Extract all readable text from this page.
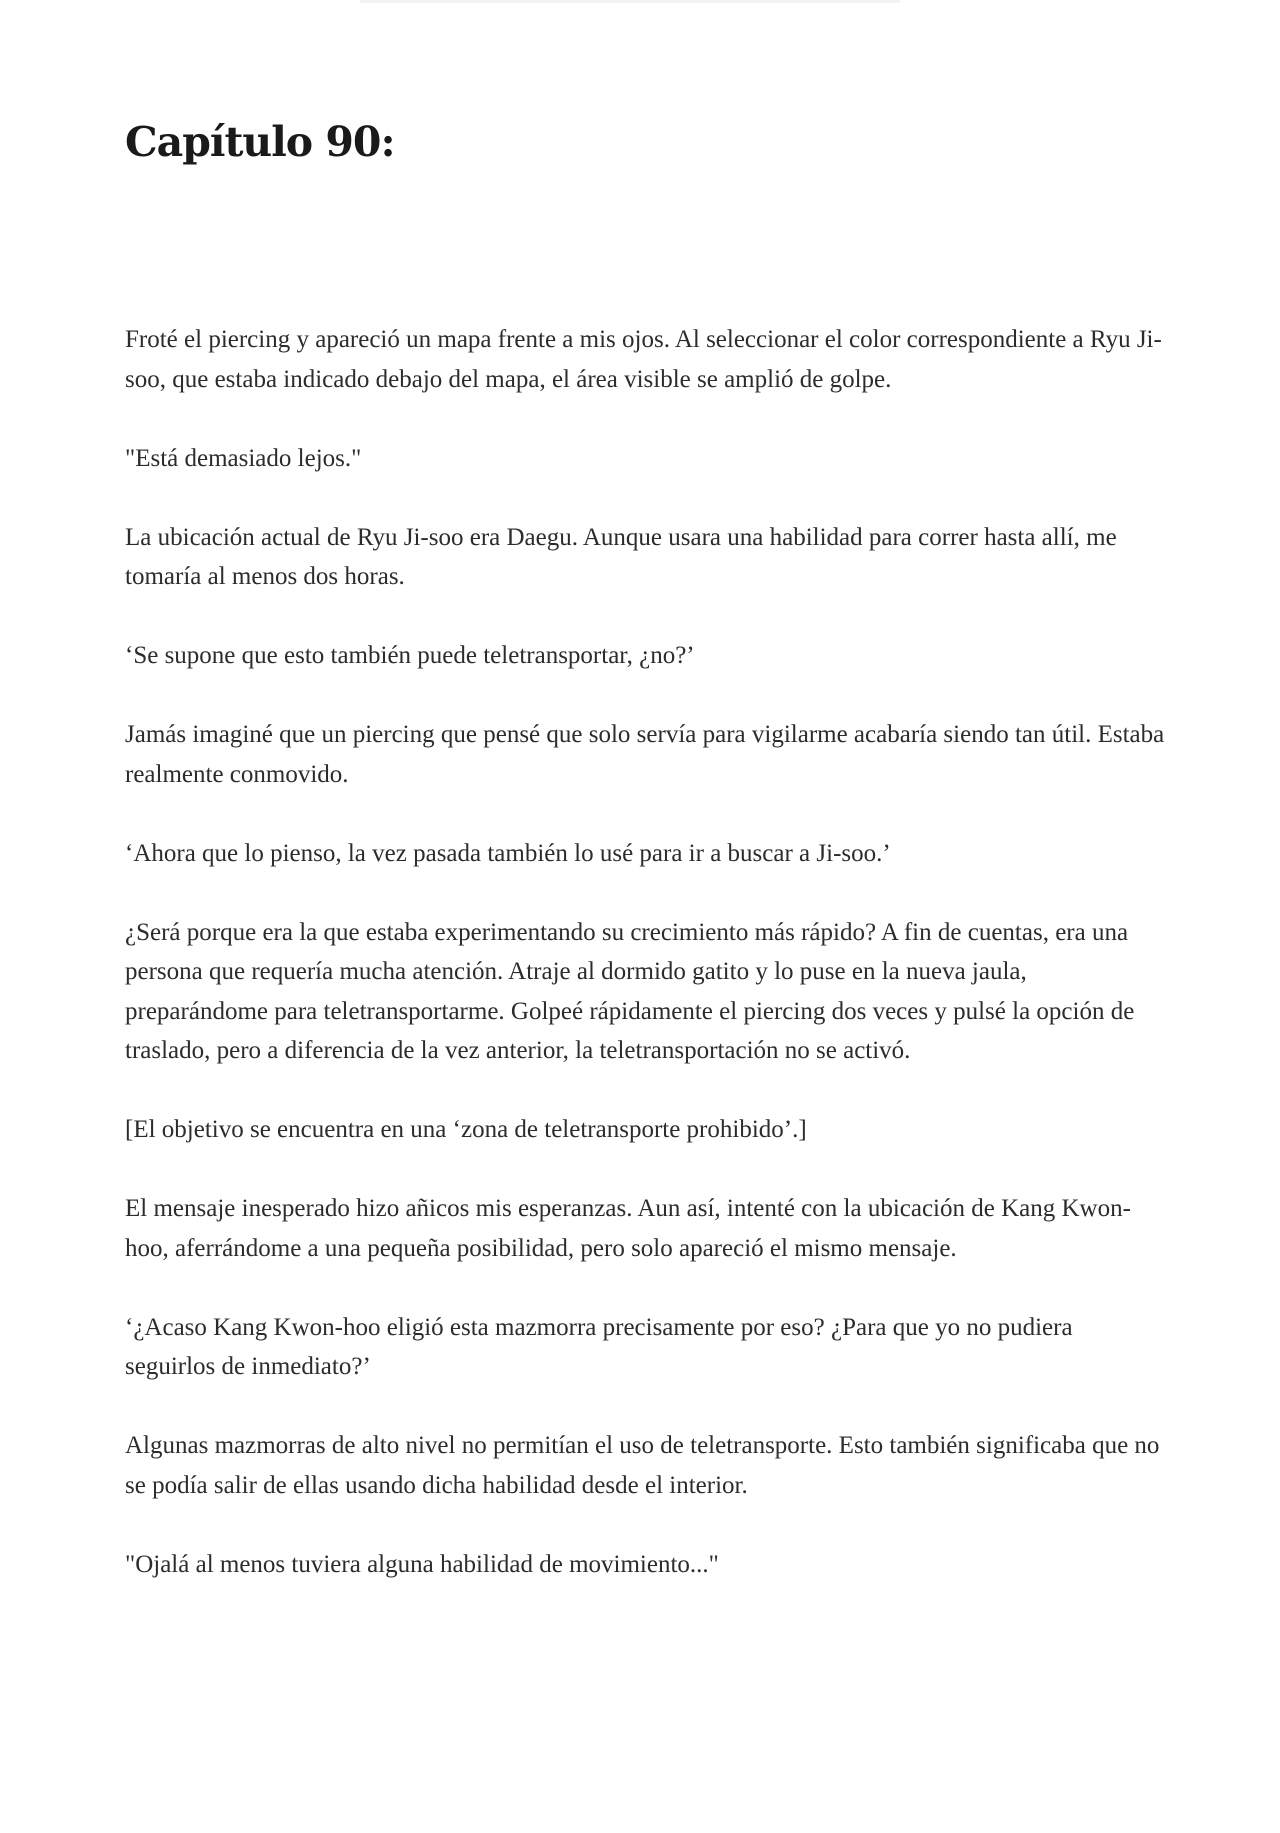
Capítulo 90:

Froté el piercing y apareció un mapa frente a mis ojos. Al seleccionar el color correspondiente a Ryu Ji-soo, que estaba indicado debajo del mapa, el área visible se amplió de golpe.

"Está demasiado lejos."

La ubicación actual de Ryu Ji-soo era Daegu. Aunque usara una habilidad para correr hasta allí, me tomaría al menos dos horas.

‘Se supone que esto también puede teletransportar, ¿no?’

Jamás imaginé que un piercing que pensé que solo servía para vigilarme acabaría siendo tan útil. Estaba realmente conmovido.

‘Ahora que lo pienso, la vez pasada también lo usé para ir a buscar a Ji-soo.’

¿Será porque era la que estaba experimentando su crecimiento más rápido? A fin de cuentas, era una persona que requería mucha atención. Atraje al dormido gatito y lo puse en la nueva jaula, preparándome para teletransportarme. Golpeé rápidamente el piercing dos veces y pulsé la opción de traslado, pero a diferencia de la vez anterior, la teletransportación no se activó.

[El objetivo se encuentra en una ‘zona de teletransporte prohibido’.]

El mensaje inesperado hizo añicos mis esperanzas. Aun así, intenté con la ubicación de Kang Kwon-hoo, aferrándome a una pequeña posibilidad, pero solo apareció el mismo mensaje.

‘¿Acaso Kang Kwon-hoo eligió esta mazmorra precisamente por eso? ¿Para que yo no pudiera seguirlos de inmediato?’

Algunas mazmorras de alto nivel no permitían el uso de teletransporte. Esto también significaba que no se podía salir de ellas usando dicha habilidad desde el interior.

"Ojalá al menos tuviera alguna habilidad de movimiento..."
